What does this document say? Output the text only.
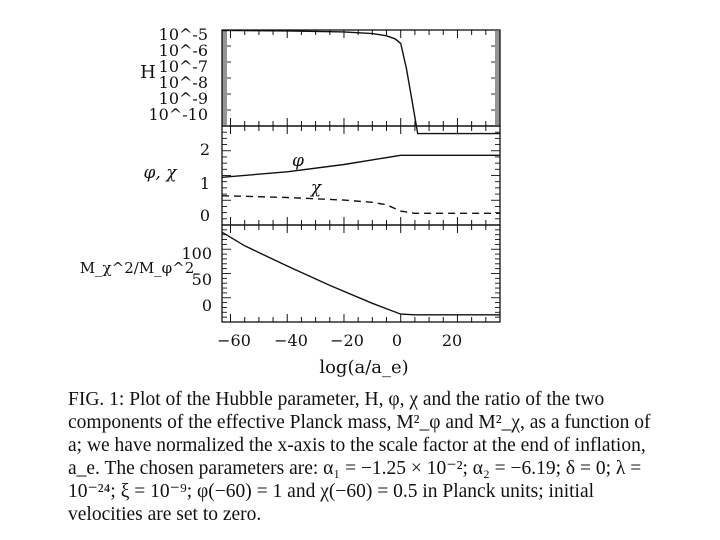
10^-5
10^-6
10^-7
10^-8
10^-9
10^-10
H
2
1
0
φ, χ
φ
χ
100
50
0
M_χ^2/M_φ^2
−60 −40 −20 0 20
log(a/a_e)

FIG. 1: Plot of the Hubble parameter, H, φ, χ and the ratio of the two components of the effective Planck mass, M²_φ and M²_χ, as a function of a; we have normalized the x-axis to the scale factor at the end of inflation, a_e. The chosen parameters are: α₁ = −1.25 × 10⁻²; α₂ = −6.19; δ = 0; λ = 10⁻²⁴; ξ = 10⁻⁹; φ(−60) = 1 and χ(−60) = 0.5 in Planck units; initial velocities are set to zero.
